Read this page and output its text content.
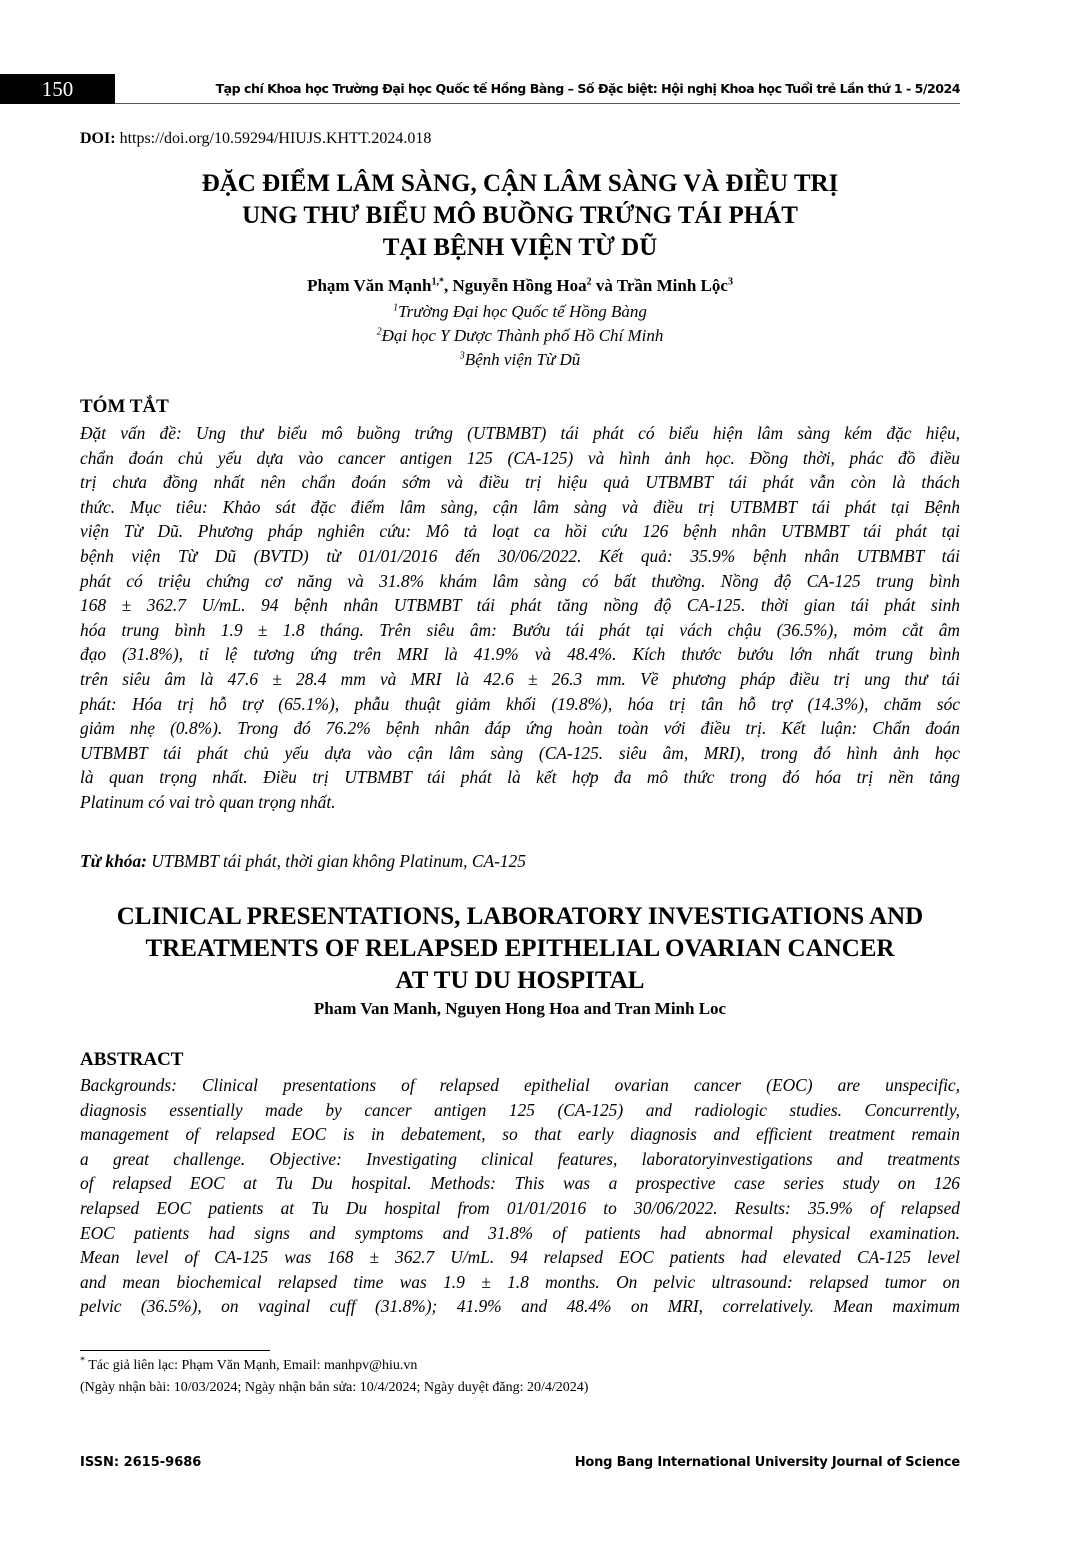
150	Tạp chí Khoa học Trường Đại học Quốc tế Hồng Bàng – Số Đặc biệt: Hội nghị Khoa học Tuổi trẻ Lần thứ 1 - 5/2024
DOI: https://doi.org/10.59294/HIUJS.KHTT.2024.018
ĐẶC ĐIỂM LÂM SÀNG, CẬN LÂM SÀNG VÀ ĐIỀU TRỊ
UNG THƯ BIỂU MÔ BUỒNG TRỨNG TÁI PHÁT
TẠI BỆNH VIỆN TỪ DŨ
Phạm Văn Mạnh$^{1,*}$, Nguyễn Hồng Hoa$^2$ và Trần Minh Lộc$^3$
$^1$Trường Đại học Quốc tế Hồng Bàng
$^2$Đại học Y Dược Thành phố Hồ Chí Minh
$^3$Bệnh viện Từ Dũ
TÓM TẮT
Đặt vấn đề: Ung thư biểu mô buồng trứng (UTBMBT) tái phát có biểu hiện lâm sàng kém đặc hiệu,
chẩn đoán chủ yếu dựa vào cancer antigen 125 (CA-125) và hình ảnh học. Đồng thời, phác đồ điều
trị chưa đồng nhất nên chẩn đoán sớm và điều trị hiệu quả UTBMBT tái phát vẫn còn là thách
thức. Mục tiêu: Khảo sát đặc điểm lâm sàng, cận lâm sàng và điều trị UTBMBT tái phát tại Bệnh
viện Từ Dũ. Phương pháp nghiên cứu: Mô tả loạt ca hồi cứu 126 bệnh nhân UTBMBT tái phát tại
bệnh viện Từ Dũ (BVTD) từ 01/01/2016 đến 30/06/2022. Kết quả: 35.9% bệnh nhân UTBMBT tái
phát có triệu chứng cơ năng và 31.8% khám lâm sàng có bất thường. Nồng độ CA-125 trung bình
168 ± 362.7 U/mL. 94 bệnh nhân UTBMBT tái phát tăng nồng độ CA-125. thời gian tái phát sinh
hóa trung bình 1.9 ± 1.8 tháng. Trên siêu âm: Bướu tái phát tại vách chậu (36.5%), mỏm cắt âm
đạo (31.8%), tỉ lệ tương ứng trên MRI là 41.9% và 48.4%. Kích thước bướu lớn nhất trung bình
trên siêu âm là 47.6 ± 28.4 mm và MRI là 42.6 ± 26.3 mm. Về phương pháp điều trị ung thư tái
phát: Hóa trị hỗ trợ (65.1%), phẫu thuật giảm khối (19.8%), hóa trị tân hỗ trợ (14.3%), chăm sóc
giảm nhẹ (0.8%). Trong đó 76.2% bệnh nhân đáp ứng hoàn toàn với điều trị. Kết luận: Chẩn đoán
UTBMBT tái phát chủ yếu dựa vào cận lâm sàng (CA-125. siêu âm, MRI), trong đó hình ảnh học
là quan trọng nhất. Điều trị UTBMBT tái phát là kết hợp đa mô thức trong đó hóa trị nền tảng
Platinum có vai trò quan trọng nhất.
Từ khóa: UTBMBT tái phát, thời gian không Platinum, CA-125
CLINICAL PRESENTATIONS, LABORATORY INVESTIGATIONS AND
TREATMENTS OF RELAPSED EPITHELIAL OVARIAN CANCER
AT TU DU HOSPITAL
Pham Van Manh, Nguyen Hong Hoa and Tran Minh Loc
ABSTRACT
Backgrounds: Clinical presentations of relapsed epithelial ovarian cancer (EOC) are unspecific,
diagnosis essentially made by cancer antigen 125 (CA-125) and radiologic studies. Concurrently,
management of relapsed EOC is in debatement, so that early diagnosis and efficient treatment remain
a great challenge. Objective: Investigating clinical features, laboratoryinvestigations and treatments
of relapsed EOC at Tu Du hospital. Methods: This was a prospective case series study on 126
relapsed EOC patients at Tu Du hospital from 01/01/2016 to 30/06/2022. Results: 35.9% of relapsed
EOC patients had signs and symptoms and 31.8% of patients had abnormal physical examination.
Mean level of CA-125 was 168 ± 362.7 U/mL. 94 relapsed EOC patients had elevated CA-125 level
and mean biochemical relapsed time was 1.9 ± 1.8 months. On pelvic ultrasound: relapsed tumor on
pelvic (36.5%), on vaginal cuff (31.8%); 41.9% and 48.4% on MRI, correlatively. Mean maximum
* Tác giả liên lạc: Phạm Văn Mạnh, Email: manhpv@hiu.vn
(Ngày nhận bài: 10/03/2024; Ngày nhận bản sửa: 10/4/2024; Ngày duyệt đăng: 20/4/2024)
ISSN: 2615-9686	Hong Bang International University Journal of Science
